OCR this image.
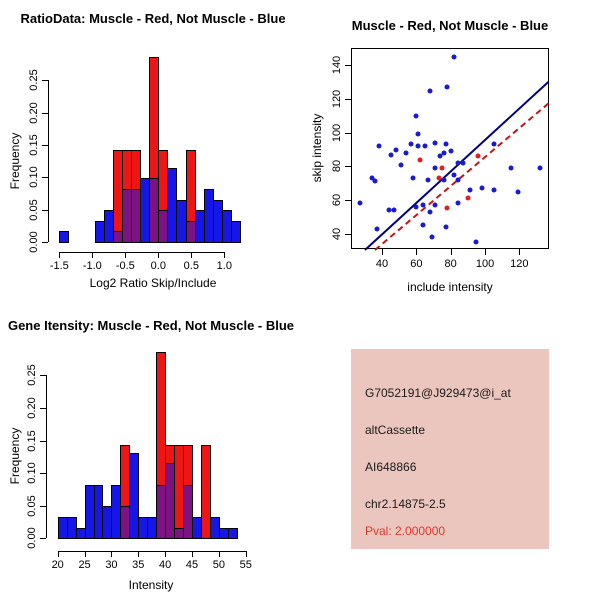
RatioData: Muscle - Red, Not Muscle - Blue
Log2 Ratio Skip/Include
Frequency
Muscle - Red, Not Muscle - Blue
include intensity
skip intensity
Gene Itensity: Muscle - Red, Not Muscle - Blue
Intensity
Frequency
G7052191@J929473@i_at
altCassette
AI648866
chr2.14875-2.5
Pval: 2.000000
-1.5 -1.0 -0.5 0.0 0.5 1.0
0.00
0.05
0.10
0.15
0.20
0.25
20 25 30 35 40 45 50 55
0.00
0.05
0.10
0.15
0.20
0.25
40 60 80 100 120
40
60
80
100
120
140
